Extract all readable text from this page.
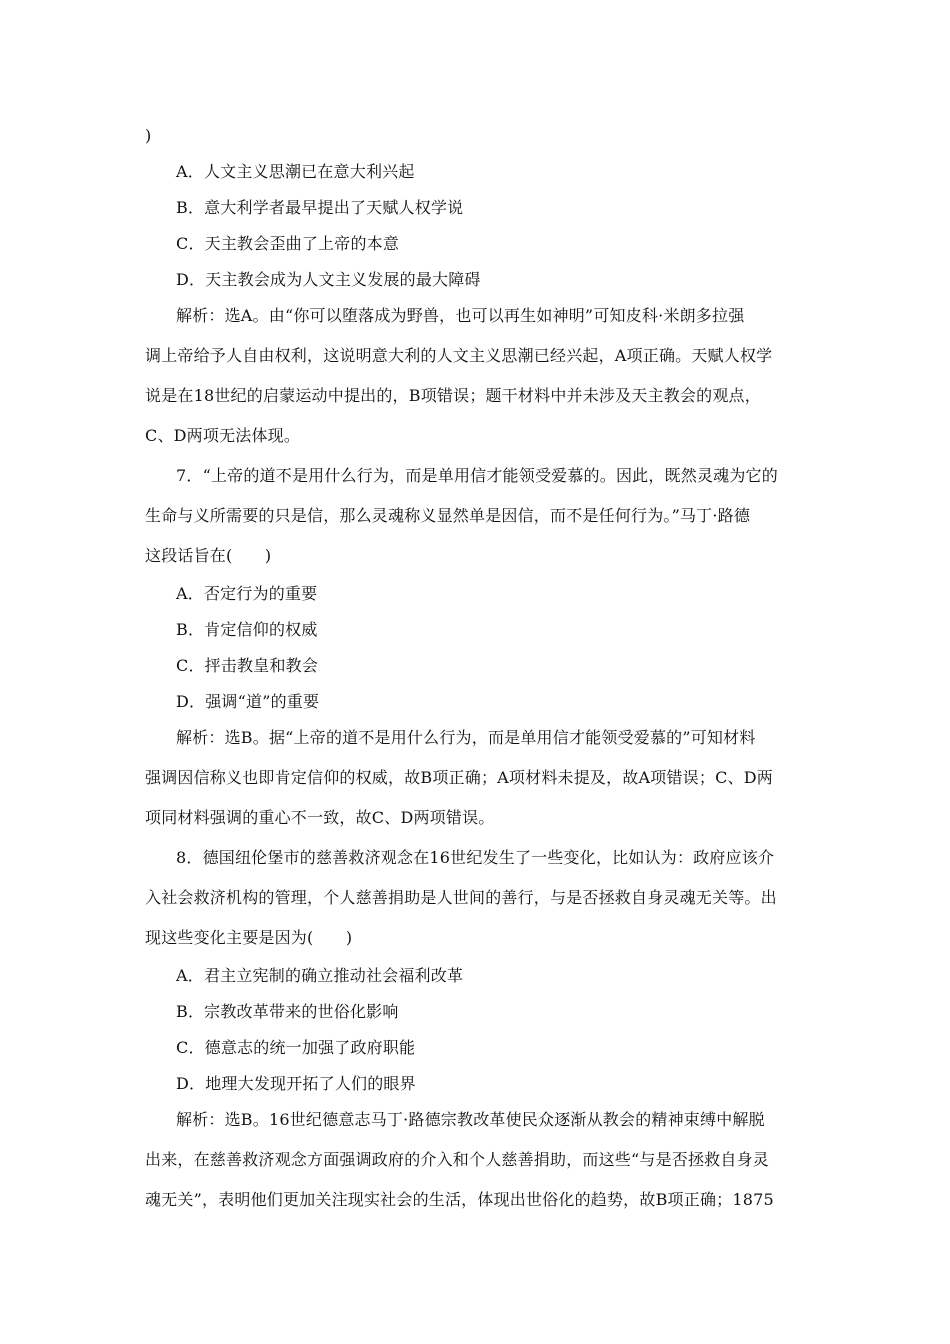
)
A．人文主义思潮已在意大利兴起
B．意大利学者最早提出了天赋人权学说
C．天主教会歪曲了上帝的本意
D．天主教会成为人文主义发展的最大障碍
解析：选A。由“你可以堕落成为野兽，也可以再生如神明”可知皮科·米朗多拉强
调上帝给予人自由权利，这说明意大利的人文主义思潮已经兴起，A项正确。天赋人权学
说是在18世纪的启蒙运动中提出的，B项错误；题干材料中并未涉及天主教会的观点，
C、D两项无法体现。
7．“上帝的道不是用什么行为，而是单用信才能领受爱慕的。因此，既然灵魂为它的
生命与义所需要的只是信，那么灵魂称义显然单是因信，而不是任何行为。”马丁·路德
这段话旨在(　　)
A．否定行为的重要
B．肯定信仰的权威
C．抨击教皇和教会
D．强调“道”的重要
解析：选B。据“上帝的道不是用什么行为，而是单用信才能领受爱慕的”可知材料
强调因信称义也即肯定信仰的权威，故B项正确；A项材料未提及，故A项错误；C、D两
项同材料强调的重心不一致，故C、D两项错误。
8．德国纽伦堡市的慈善救济观念在16世纪发生了一些变化，比如认为：政府应该介
入社会救济机构的管理，个人慈善捐助是人世间的善行，与是否拯救自身灵魂无关等。出
现这些变化主要是因为(　　)
A．君主立宪制的确立推动社会福利改革
B．宗教改革带来的世俗化影响
C．德意志的统一加强了政府职能
D．地理大发现开拓了人们的眼界
解析：选B。16世纪德意志马丁·路德宗教改革使民众逐渐从教会的精神束缚中解脱
出来，在慈善救济观念方面强调政府的介入和个人慈善捐助，而这些“与是否拯救自身灵
魂无关”，表明他们更加关注现实社会的生活，体现出世俗化的趋势，故B项正确；1875
